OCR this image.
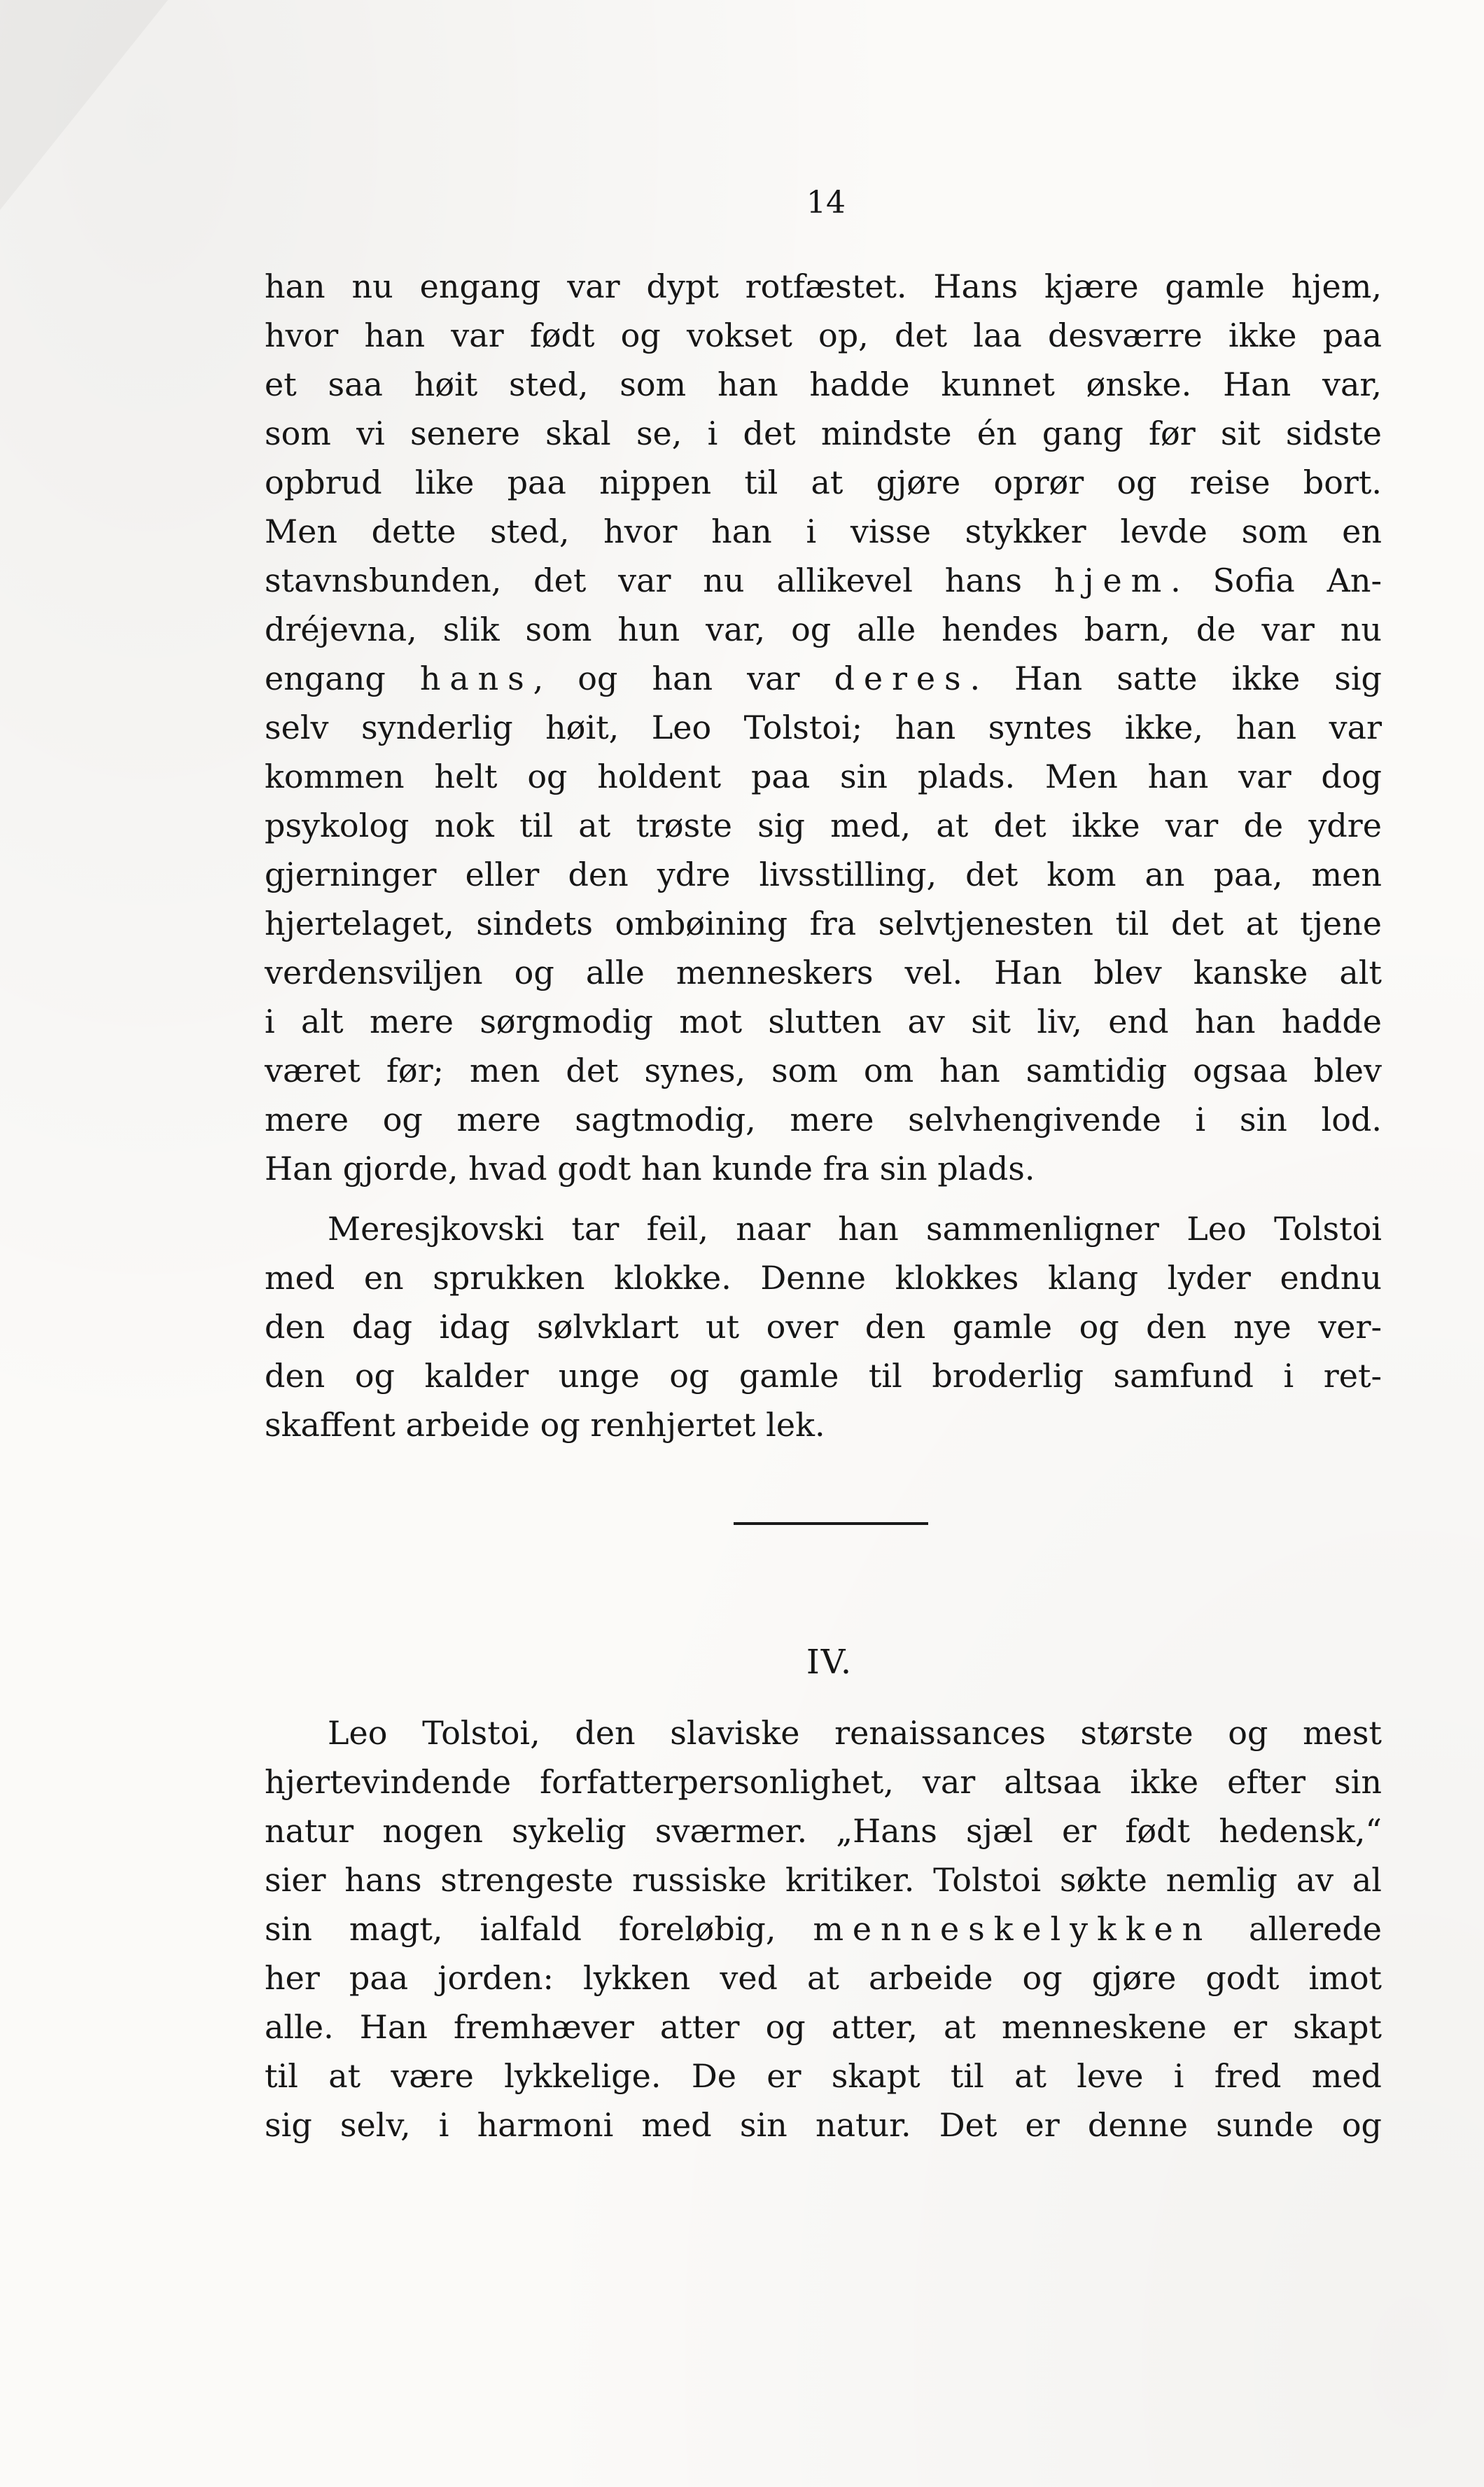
14

han nu engang var dypt rotfæstet. Hans kjære gamle hjem,

hvor han var født og vokset op, det laa desværre ikke paa

et saa høit sted, som han hadde kunnet ønske. Han var,

som vi senere skal se, i det mindste én gang før sit sidste

opbrud like paa nippen til at gjøre oprør og reise bort.

Men dette sted, hvor han i visse stykker levde som en

stavnsbunden, det var nu allikevel hans hjem. Sofia An-

dréjevna, slik som hun var, og alle hendes barn, de var nu

engang hans, og han var deres. Han satte ikke sig

selv synderlig høit, Leo Tolstoi; han syntes ikke, han var

kommen helt og holdent paa sin plads. Men han var dog

psykolog nok til at trøste sig med, at det ikke var de ydre

gjerninger eller den ydre livsstilling, det kom an paa, men

hjertelaget, sindets ombøining fra selvtjenesten til det at tjene

verdensviljen og alle menneskers vel. Han blev kanske alt

i alt mere sørgmodig mot slutten av sit liv, end han hadde

været før; men det synes, som om han samtidig ogsaa blev

mere og mere sagtmodig, mere selvhengivende i sin lod.

Han gjorde, hvad godt han kunde fra sin plads.

Meresjkovski tar feil, naar han sammenligner Leo Tolstoi

med en sprukken klokke. Denne klokkes klang lyder endnu

den dag idag sølvklart ut over den gamle og den nye ver-

den og kalder unge og gamle til broderlig samfund i ret-

skaffent arbeide og renhjertet lek.

IV.

Leo Tolstoi, den slaviske renaissances største og mest

hjertevindende forfatterpersonlighet, var altsaa ikke efter sin

natur nogen sykelig sværmer. „Hans sjæl er født hedensk,“

sier hans strengeste russiske kritiker. Tolstoi søkte nemlig av al

sin magt, ialfald foreløbig, menneskelykken allerede

her paa jorden: lykken ved at arbeide og gjøre godt imot

alle. Han fremhæver atter og atter, at menneskene er skapt

til at være lykkelige. De er skapt til at leve i fred med

sig selv, i harmoni med sin natur. Det er denne sunde og
